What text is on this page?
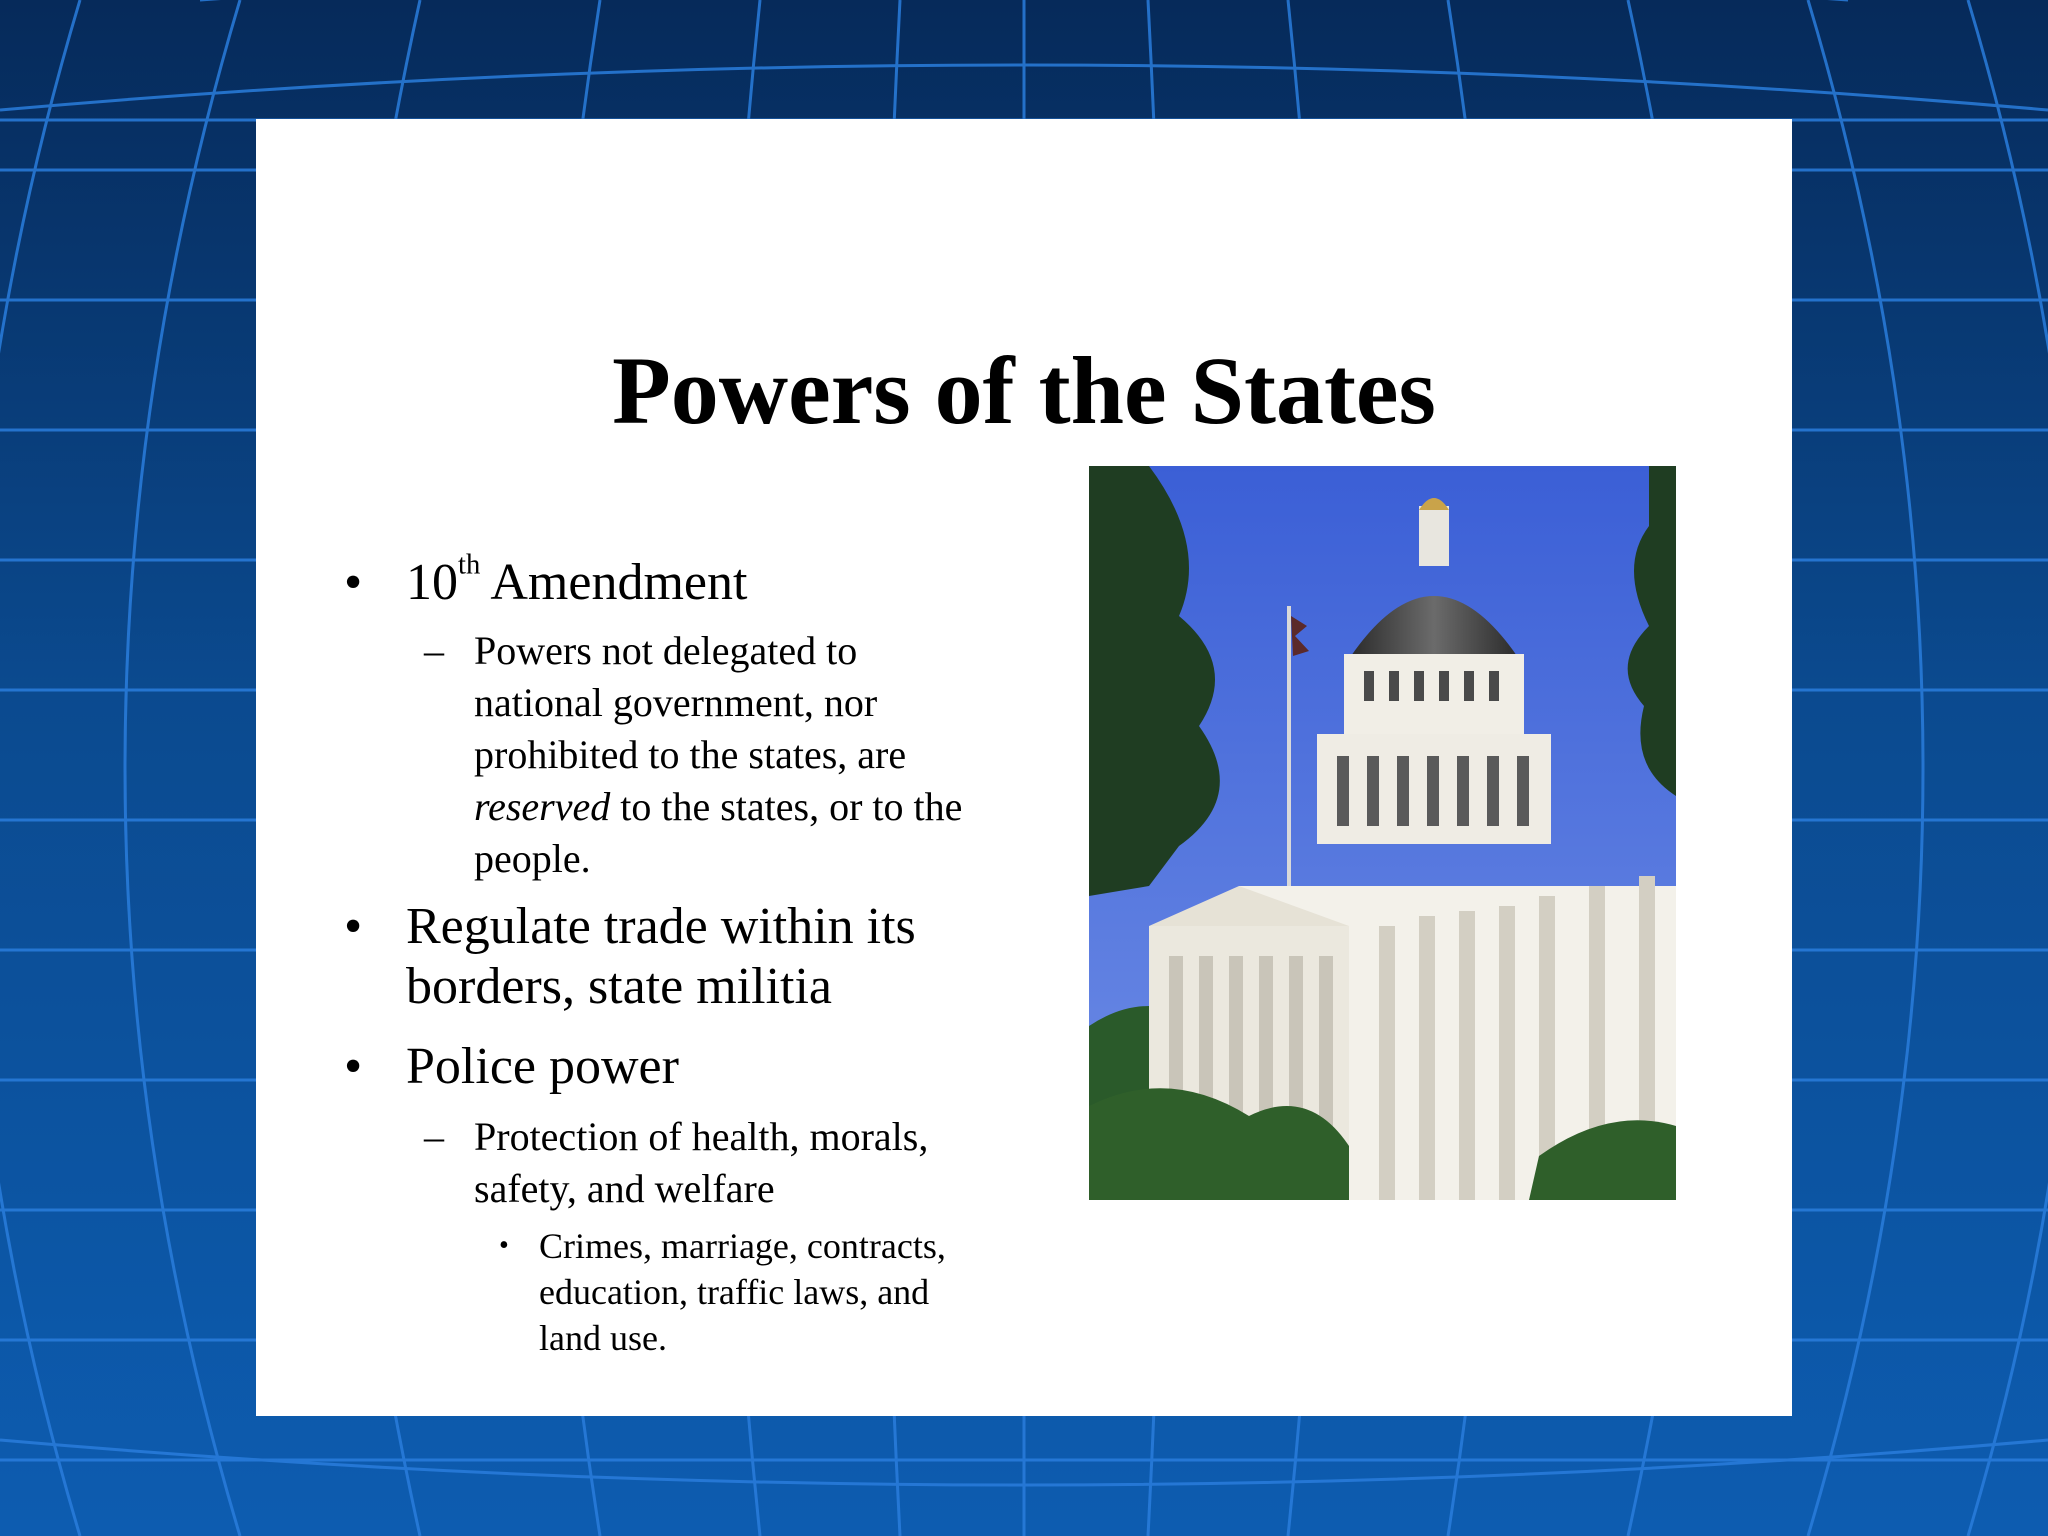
Powers of the States
• 10th Amendment
– Powers not delegated to
national government, nor
prohibited to the states, are
reserved to the states, or to the
people.
• Regulate trade within its
borders, state militia
• Police power
– Protection of health, morals,
safety, and welfare
• Crimes, marriage, contracts,
education, traffic laws, and
land use.
